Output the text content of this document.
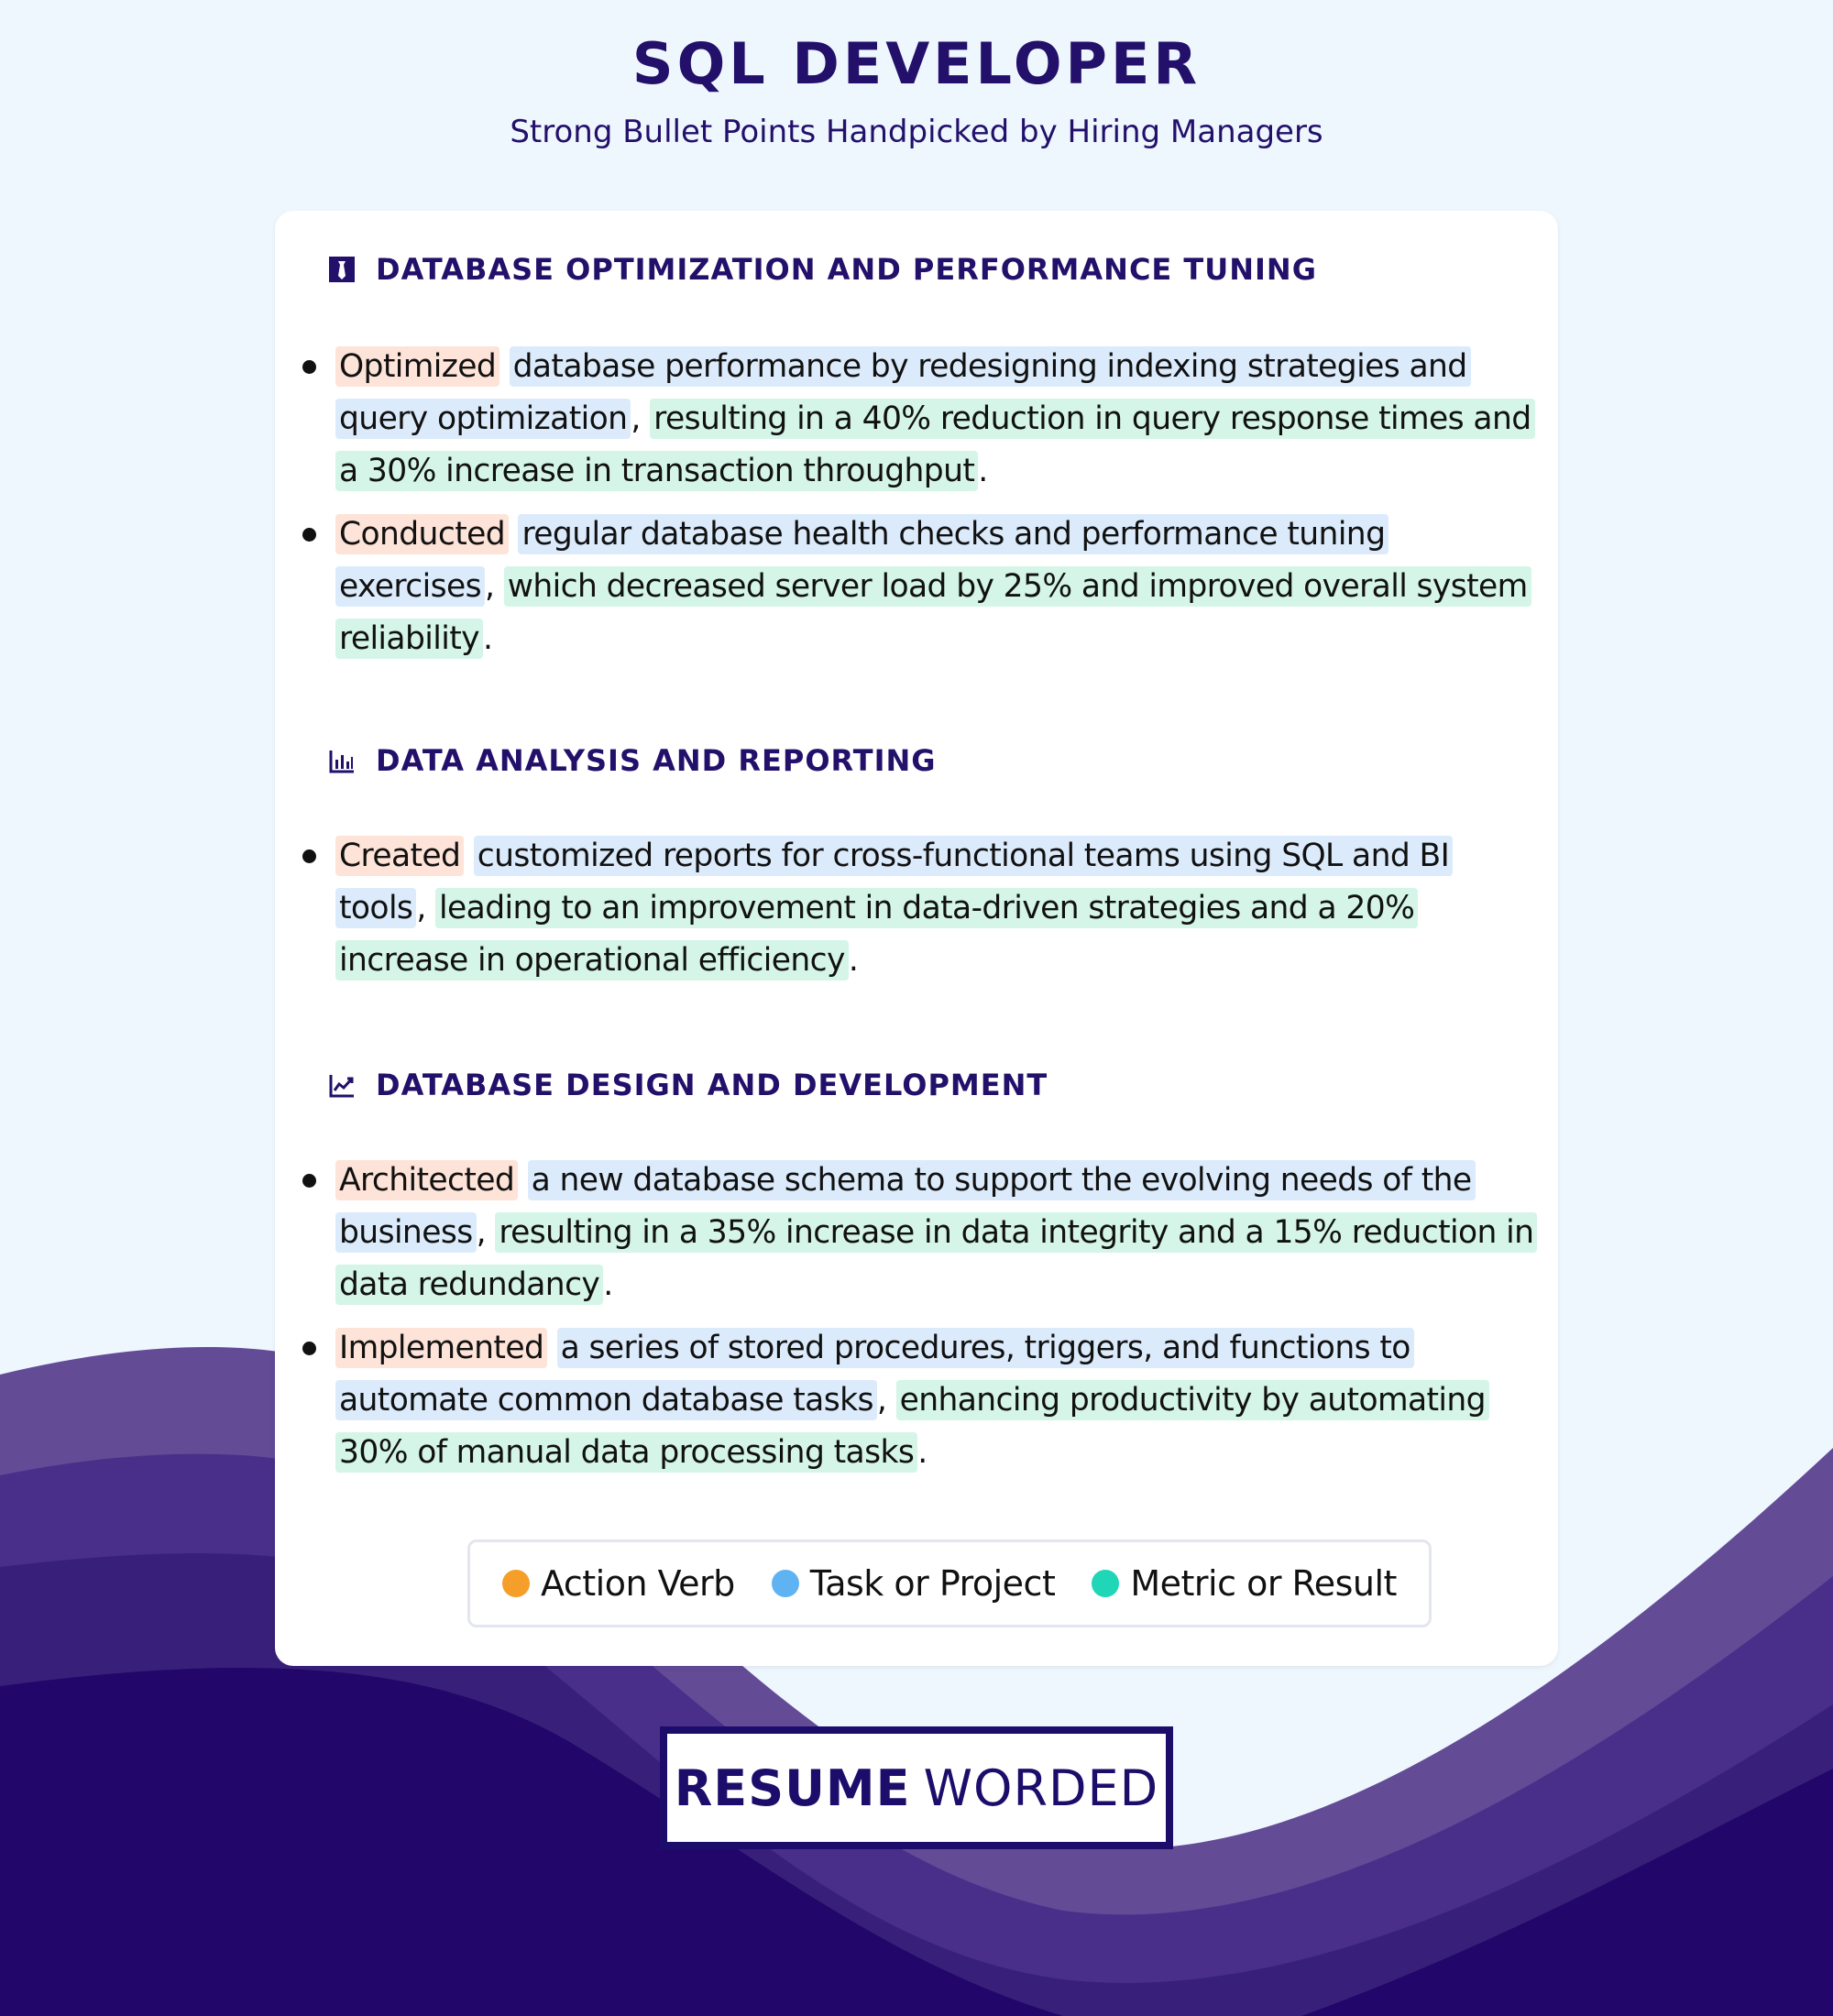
SQL DEVELOPER
Strong Bullet Points Handpicked by Hiring Managers
DATABASE OPTIMIZATION AND PERFORMANCE TUNING
Optimized database performance by redesigning indexing strategies and query optimization , resulting in a 40% reduction in query response times and a 30% increase in transaction throughput .
Conducted regular database health checks and performance tuning exercises , which decreased server load by 25% and improved overall system reliability .
DATA ANALYSIS AND REPORTING
Created customized reports for cross-functional teams using SQL and BI tools , leading to an improvement in data-driven strategies and a 20% increase in operational efficiency .
DATABASE DESIGN AND DEVELOPMENT
Architected a new database schema to support the evolving needs of the business , resulting in a 35% increase in data integrity and a 15% reduction in data redundancy .
Implemented a series of stored procedures, triggers, and functions to automate common database tasks , enhancing productivity by automating 30% of manual data processing tasks .
Action Verb Task or Project Metric or Result
RESUME WORDED
